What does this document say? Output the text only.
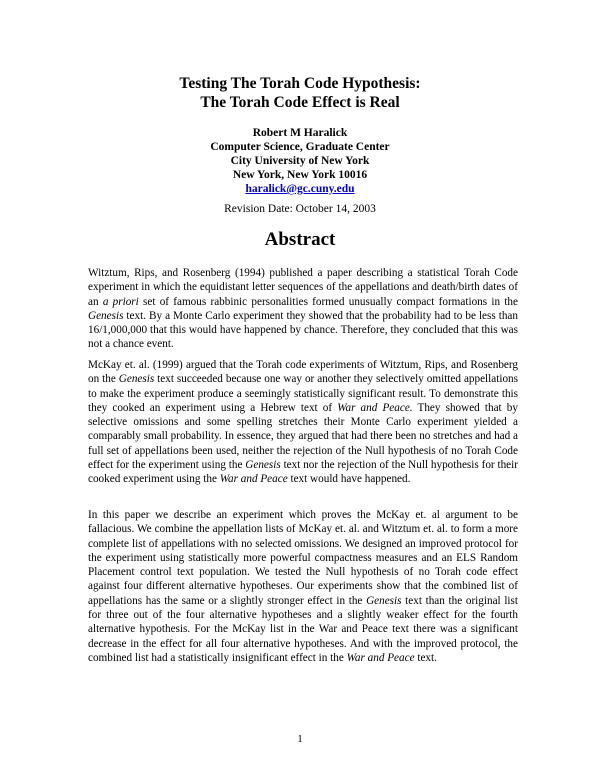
Testing The Torah Code Hypothesis:
The Torah Code Effect is Real
Robert M Haralick
Computer Science, Graduate Center
City University of New York
New York, New York 10016
haralick@gc.cuny.edu
Revision Date: October 14, 2003
Abstract

Witztum, Rips, and Rosenberg (1994) published a paper describing a statistical Torah Code experiment in which the equidistant letter sequences of the appellations and death/birth dates of an a priori set of famous rabbinic personalities formed unusually compact formations in the Genesis text. By a Monte Carlo experiment they showed that the probability had to be less than 16/1,000,000 that this would have happened by chance. Therefore, they concluded that this was not a chance event.

McKay et. al. (1999) argued that the Torah code experiments of Witztum, Rips, and Rosenberg on the Genesis text succeeded because one way or another they selectively omitted appellations to make the experiment produce a seemingly statistically significant result. To demonstrate this they cooked an experiment using a Hebrew text of War and Peace. They showed that by selective omissions and some spelling stretches their Monte Carlo experiment yielded a comparably small probability. In essence, they argued that had there been no stretches and had a full set of appellations been used, neither the rejection of the Null hypothesis of no Torah Code effect for the experiment using the Genesis text nor the rejection of the Null hypothesis for their cooked experiment using the War and Peace text would have happened.

In this paper we describe an experiment which proves the McKay et. al argument to be fallacious. We combine the appellation lists of McKay et. al. and Witztum et. al. to form a more complete list of appellations with no selected omissions. We designed an improved protocol for the experiment using statistically more powerful compactness measures and an ELS Random Placement control text population. We tested the Null hypothesis of no Torah code effect against four different alternative hypotheses. Our experiments show that the combined list of appellations has the same or a slightly stronger effect in the Genesis text than the original list for three out of the four alternative hypotheses and a slightly weaker effect for the fourth alternative hypothesis. For the McKay list in the War and Peace text there was a significant decrease in the effect for all four alternative hypotheses. And with the improved protocol, the combined list had a statistically insignificant effect in the War and Peace text.

1
